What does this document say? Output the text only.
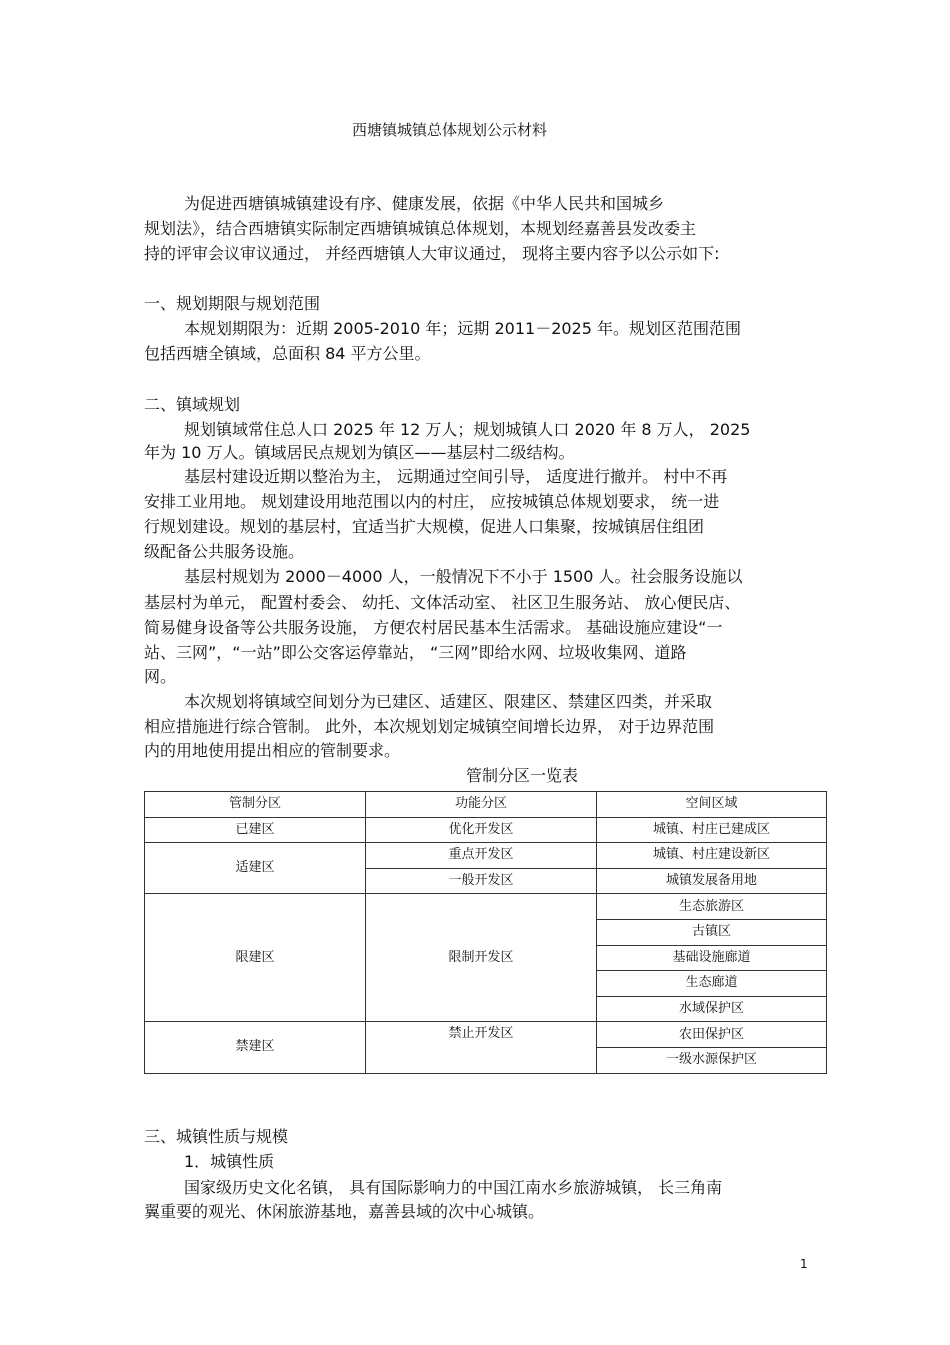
西塘镇城镇总体规划公示材料
为促进西塘镇城镇建设有序、健康发展，依据《中华人民共和国城乡
规划法》，结合西塘镇实际制定西塘镇城镇总体规划，本规划经嘉善县发改委主
持的评审会议审议通过， 并经西塘镇人大审议通过， 现将主要内容予以公示如下:
一、规划期限与规划范围
本规划期限为：近期 2005-2010 年；远期 2011－2025 年。规划区范围范围
包括西塘全镇域，总面积 84 平方公里。
二、镇域规划
规划镇域常住总人口 2025 年 12 万人；规划城镇人口 2020 年 8 万人， 2025
年为 10 万人。镇域居民点规划为镇区——基层村二级结构。
基层村建设近期以整治为主， 远期通过空间引导， 适度进行撤并。 村中不再
安排工业用地。 规划建设用地范围以内的村庄， 应按城镇总体规划要求， 统一进
行规划建设。规划的基层村，宜适当扩大规模，促进人口集聚，按城镇居住组团
级配备公共服务设施。
基层村规划为 2000－4000 人，一般情况下不小于 1500 人。社会服务设施以
基层村为单元， 配置村委会、 幼托、文体活动室、 社区卫生服务站、 放心便民店、
简易健身设备等公共服务设施， 方便农村居民基本生活需求。 基础设施应建设“一
站、三网”，“一站”即公交客运停靠站， “三网”即给水网、垃圾收集网、道路
网。
本次规划将镇域空间划分为已建区、适建区、限建区、禁建区四类，并采取
相应措施进行综合管制。 此外，本次规划划定城镇空间增长边界， 对于边界范围
内的用地使用提出相应的管制要求。
管制分区一览表
管制分区	功能分区	空间区域
已建区	优化开发区	城镇、村庄已建成区
适建区	重点开发区	城镇、村庄建设新区
	一般开发区	城镇发展备用地
限建区	限制开发区	生态旅游区
		古镇区
		基础设施廊道
		生态廊道
		水域保护区
禁建区	禁止开发区	农田保护区
		一级水源保护区
三、城镇性质与规模
1．城镇性质
国家级历史文化名镇， 具有国际影响力的中国江南水乡旅游城镇， 长三角南
翼重要的观光、休闲旅游基地，嘉善县域的次中心城镇。
1
